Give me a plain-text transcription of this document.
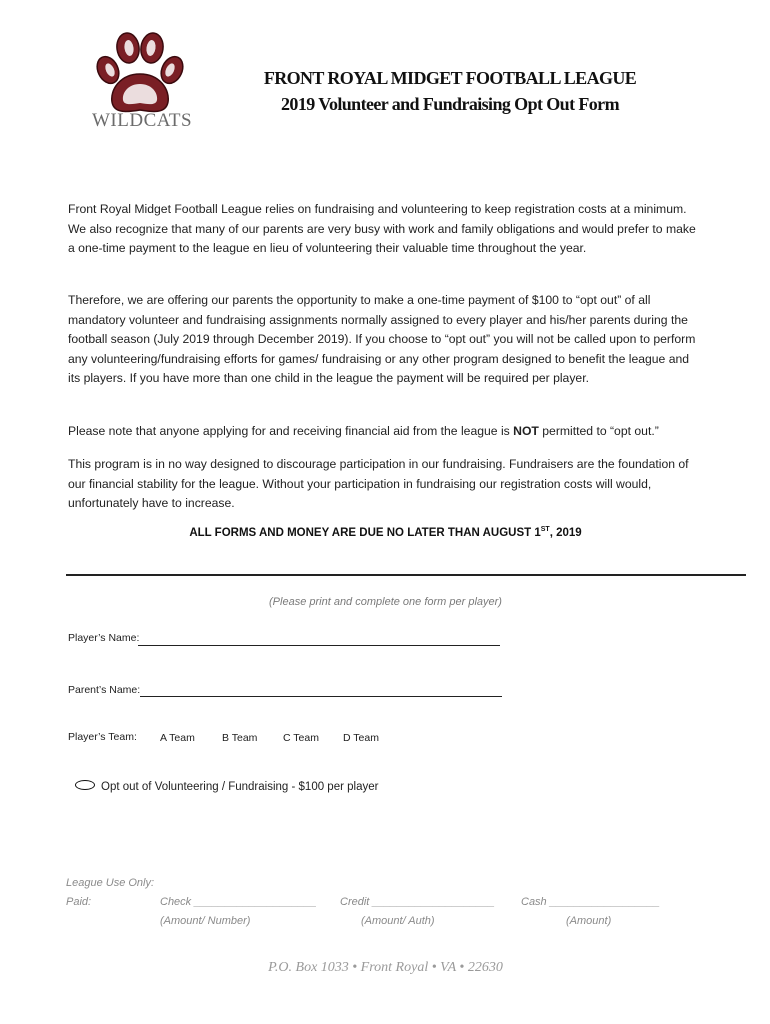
WILDCATS
FRONT ROYAL MIDGET FOOTBALL LEAGUE
2019 Volunteer and Fundraising Opt Out Form
Front Royal Midget Football League relies on fundraising and volunteering to keep registration costs at a minimum. We also recognize that many of our parents are very busy with work and family obligations and would prefer to make a one-time payment to the league en lieu of volunteering their valuable time throughout the year.
Therefore, we are offering our parents the opportunity to make a one-time payment of $100 to “opt out” of all mandatory volunteer and fundraising assignments normally assigned to every player and his/her parents during the football season (July 2019 through December 2019). If you choose to “opt out” you will not be called upon to perform any volunteering/fundraising efforts for games/ fundraising or any other program designed to benefit the league and its players. If you have more than one child in the league the payment will be required per player.
Please note that anyone applying for and receiving financial aid from the league is NOT permitted to “opt out.”
This program is in no way designed to discourage participation in our fundraising. Fundraisers are the foundation of our financial stability for the league. Without your participation in fundraising our registration costs will would, unfortunately have to increase.
ALL FORMS AND MONEY ARE DUE NO LATER THAN AUGUST 1ST, 2019
(Please print and complete one form per player)
Player’s Name:
Parent’s Name:
Player’s Team: A Team	B Team C Team D Team
Opt out of Volunteering / Fundraising - $100 per player
League Use Only:
Paid:	Check ____________________ Credit ____________________ Cash __________________
(Amount/ Number)	(Amount/ Auth)	(Amount)
P.O. Box 1033 • Front Royal • VA • 22630
